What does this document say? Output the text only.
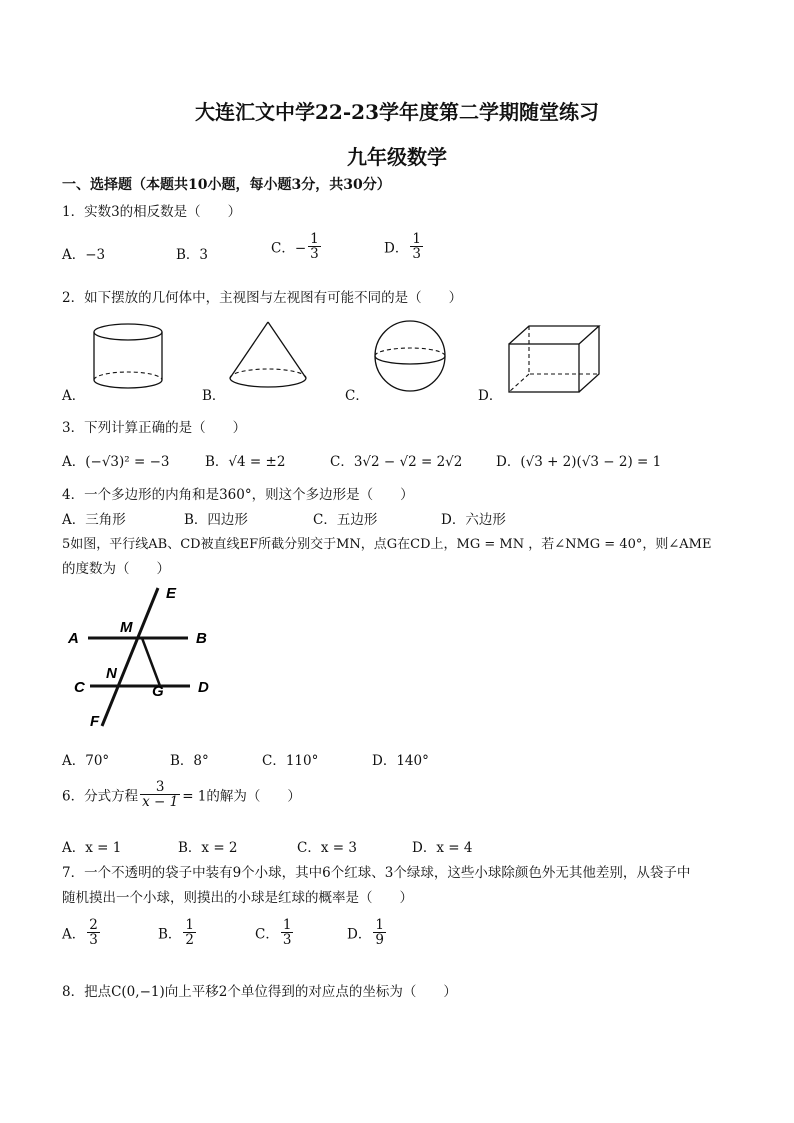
大连汇文中学22-23学年度第二学期随堂练习
九年级数学
一、选择题（本题共10小题，每小题3分，共30分）
1．实数3的相反数是（　　）
A．−3	B．3	C．− $\frac{1}{3}$	D． $\frac{1}{3}$
2．如下摆放的几何体中，主视图与左视图有可能不同的是（　　）
A．	B．	C．	D．
3．下列计算正确的是（　　）
A．(−√3)² = −3	B．√4 = ±2	C．3√2 − √2 = 2√2 D．(√3 + 2)(√3 − 2) = 1
4．一个多边形的内角和是360°，则这个多边形是（　　）
A．三角形	B．四边形	C．五边形	D．六边形
5如图，平行线AB、CD被直线EF所截分别交于MN，点G在CD上，MG = MN ，若∠NMG = 40°，则∠AME
的度数为（　　）
E
M
A	B
N
C	G D
F
A．70°	B．8°	C．110°	D．140°
6．分式方程 $\frac{3}{x - 1} = 1$的解为（　　）
A．x = 1	B．x = 2	C．x = 3	D．x = 4
7．一个不透明的袋子中装有9个小球，其中6个红球、3个绿球，这些小球除颜色外无其他差别，从袋子中
随机摸出一个小球，则摸出的小球是红球的概率是（　　）
A． $\frac{2}{3}$	B． $\frac{1}{2}$	C． $\frac{1}{3}$	D． $\frac{1}{9}$
8．把点C(0,−1)向上平移2个单位得到的对应点的坐标为（　　）
